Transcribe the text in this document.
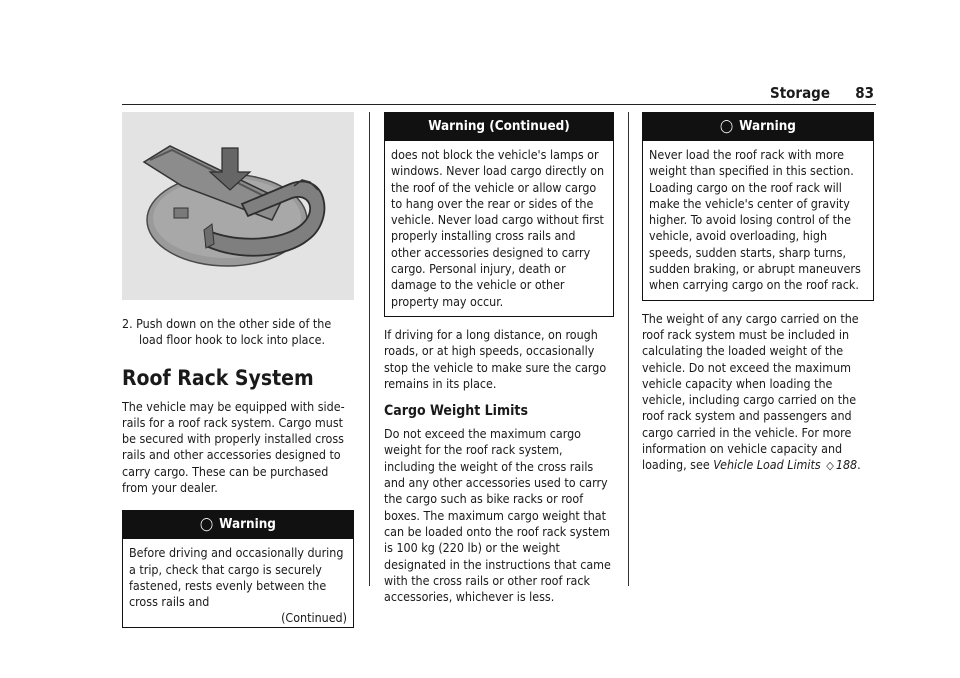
Storage 83

2. Push down on the other side of the load floor hook to lock into place.

Roof Rack System

The vehicle may be equipped with side-rails for a roof rack system. Cargo must be secured with properly installed cross rails and other accessories designed to carry cargo. These can be purchased from your dealer.

◯ Warning

Before driving and occasionally during a trip, check that cargo is securely fastened, rests evenly between the cross rails and

(Continued)
Warning (Continued)

does not block the vehicle's lamps or windows. Never load cargo directly on the roof of the vehicle or allow cargo to hang over the rear or sides of the vehicle. Never load cargo without first properly installing cross rails and other accessories designed to carry cargo. Personal injury, death or damage to the vehicle or other property may occur.

If driving for a long distance, on rough roads, or at high speeds, occasionally stop the vehicle to make sure the cargo remains in its place.

Cargo Weight Limits

Do not exceed the maximum cargo weight for the roof rack system, including the weight of the cross rails and any other accessories used to carry the cargo such as bike racks or roof boxes. The maximum cargo weight that can be loaded onto the roof rack system is 100 kg (220 lb) or the weight designated in the instructions that came with the cross rails or other roof rack accessories, whichever is less.

◯ Warning

Never load the roof rack with more weight than specified in this section. Loading cargo on the roof rack will make the vehicle's center of gravity higher. To avoid losing control of the vehicle, avoid overloading, high speeds, sudden starts, sharp turns, sudden braking, or abrupt maneuvers when carrying cargo on the roof rack.

The weight of any cargo carried on the roof rack system must be included in calculating the loaded weight of the vehicle. Do not exceed the maximum vehicle capacity when loading the vehicle, including cargo carried on the roof rack system and passengers and cargo carried in the vehicle. For more information on vehicle capacity and loading, see Vehicle Load Limits ◇ 188.
